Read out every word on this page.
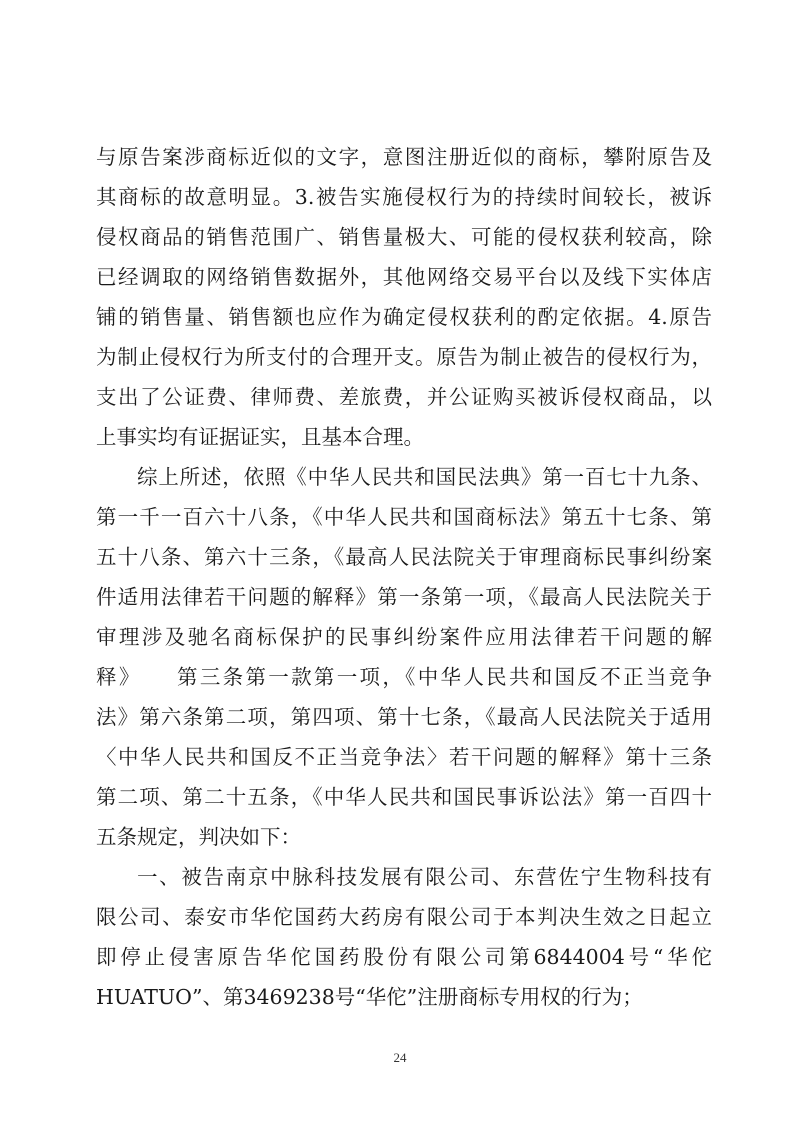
与原告案涉商标近似的文字，意图注册近似的商标，攀附原告及
其商标的故意明显。3.被告实施侵权行为的持续时间较长，被诉
侵权商品的销售范围广、销售量极大、可能的侵权获利较高，除
已经调取的网络销售数据外，其他网络交易平台以及线下实体店
铺的销售量、销售额也应作为确定侵权获利的酌定依据。4.原告
为制止侵权行为所支付的合理开支。原告为制止被告的侵权行为，
支出了公证费、律师费、差旅费，并公证购买被诉侵权商品，以
上事实均有证据证实，且基本合理。
综上所述，依照《中华人民共和国民法典》第一百七十九条、
第一千一百六十八条，《中华人民共和国商标法》第五十七条、第
五十八条、第六十三条，《最高人民法院关于审理商标民事纠纷案
件适用法律若干问题的解释》第一条第一项，《最高人民法院关于
审理涉及驰名商标保护的民事纠纷案件应用法律若干问题的解
释》　　第三条第一款第一项，《中华人民共和国反不正当竞争
法》第六条第二项，第四项、第十七条，《最高人民法院关于适用
〈中华人民共和国反不正当竞争法〉若干问题的解释》第十三条
第二项、第二十五条，《中华人民共和国民事诉讼法》第一百四十
五条规定，判决如下：
一、被告南京中脉科技发展有限公司、东营佐宁生物科技有
限公司、泰安市华佗国药大药房有限公司于本判决生效之日起立
即停止侵害原告华佗国药股份有限公司第6844004号“华佗
HUATUO”、第3469238号“华佗”注册商标专用权的行为；
24
